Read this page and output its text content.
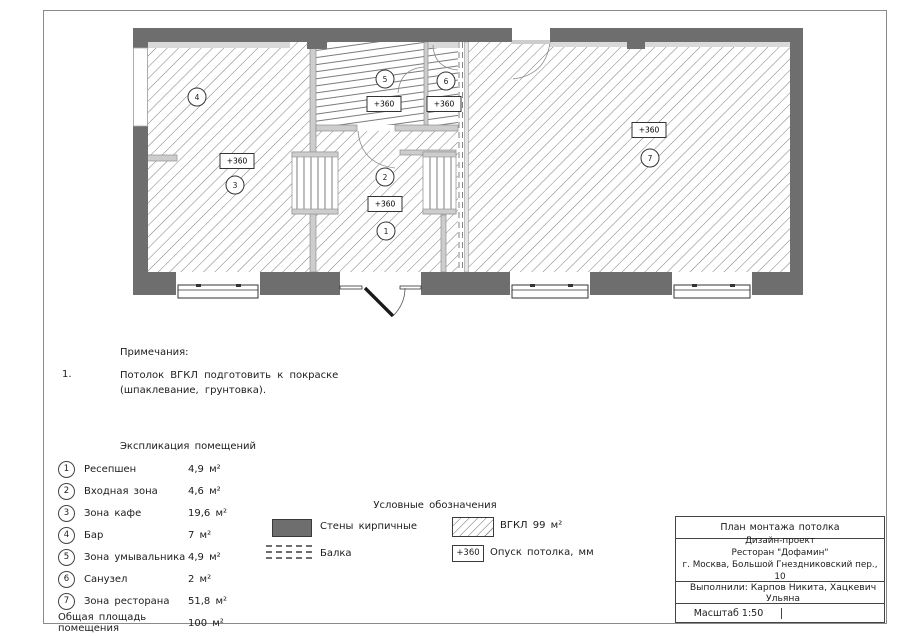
+360
+360	+360
+360
+360
4
3
5	6
2
1
7
Примечания:
1.	Потолок ВГКЛ подготовить к покраске (шпаклевание, грунтовка).
Экспликация помещений
1	Ресепшен	4,9 м²
2	Входная зона	4,6 м²
3	Зона кафе	19,6 м²
4	Бар	7 м²
5	Зона умывальника 4,9 м²
6	Санузел	2 м²
7	Зона ресторана	51,8 м²
Общая площадь помещения	100 м²
Условные обозначения
Стены кирпичные
Балка
ВГКЛ 99 м²
+360	Опуск потолка, мм
План монтажа потолка
Дизайн-проект
Ресторан "Дофамин"
г. Москва, Большой Гнездниковский пер., 10
Выполнили: Карпов Никита, Хацкевич Ульяна
Масштаб 1:50
